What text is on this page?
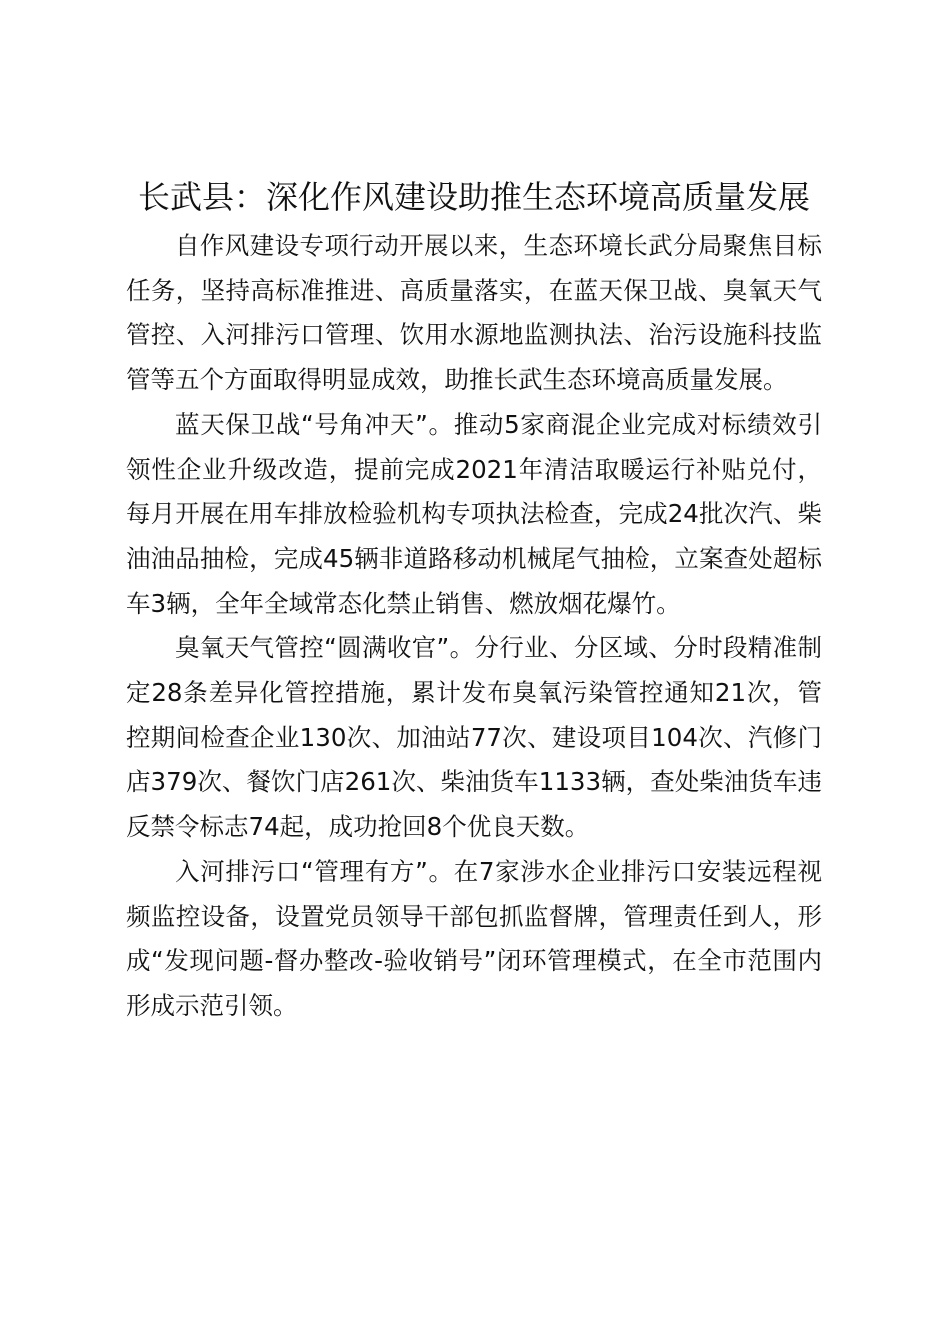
长武县：深化作风建设助推生态环境高质量发展

自作风建设专项行动开展以来，生态环境长武分局聚焦目标任务，坚持高标准推进、高质量落实，在蓝天保卫战、臭氧天气管控、入河排污口管理、饮用水源地监测执法、治污设施科技监管等五个方面取得明显成效，助推长武生态环境高质量发展。

蓝天保卫战“号角冲天”。推动5家商混企业完成对标绩效引领性企业升级改造，提前完成2021年清洁取暖运行补贴兑付，每月开展在用车排放检验机构专项执法检查，完成24批次汽、柴油油品抽检，完成45辆非道路移动机械尾气抽检，立案查处超标车3辆，全年全域常态化禁止销售、燃放烟花爆竹。

臭氧天气管控“圆满收官”。分行业、分区域、分时段精准制定28条差异化管控措施，累计发布臭氧污染管控通知21次，管控期间检查企业130次、加油站77次、建设项目104次、汽修门店379次、餐饮门店261次、柴油货车1133辆，查处柴油货车违反禁令标志74起，成功抢回8个优良天数。

入河排污口“管理有方”。在7家涉水企业排污口安装远程视频监控设备，设置党员领导干部包抓监督牌，管理责任到人，形成“发现问题-督办整改-验收销号”闭环管理模式，在全市范围内形成示范引领。
